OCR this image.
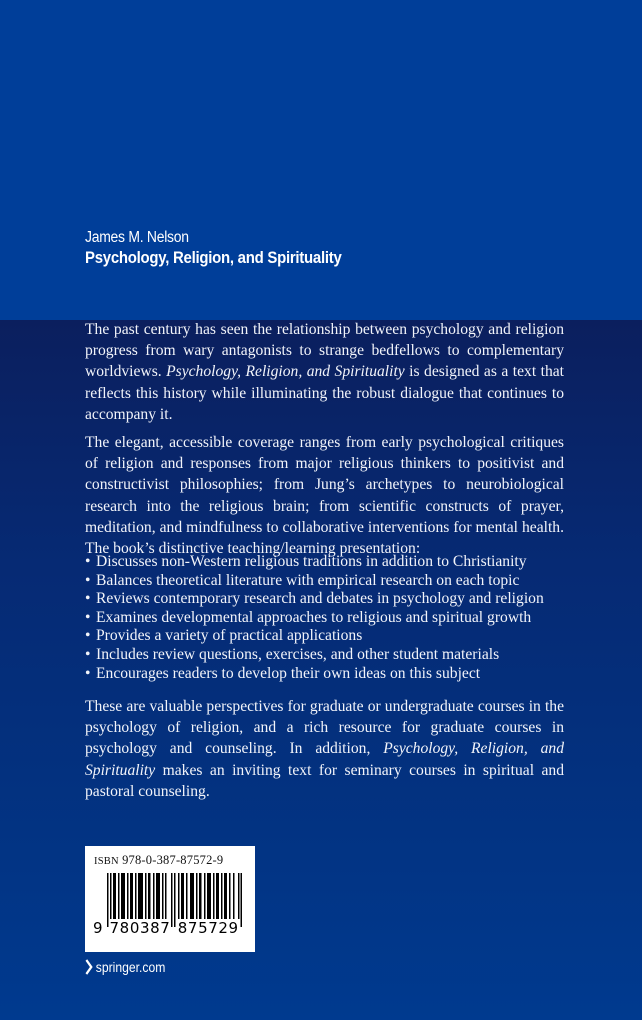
James M. Nelson
Psychology, Religion, and Spirituality

The past century has seen the relationship between psychology and religion progress from wary antagonists to strange bedfellows to complementary worldviews. Psychology, Religion, and Spirituality is designed as a text that reflects this history while illuminating the robust dialogue that continues to accompany it.

The elegant, accessible coverage ranges from early psychological critiques of religion and responses from major religious thinkers to positivist and constructivist philosophies; from Jung’s archetypes to neurobiological research into the religious brain; from scientific constructs of prayer, meditation, and mindfulness to collaborative interventions for mental health. The book’s distinctive teaching/learning presentation:

• Discusses non-Western religious traditions in addition to Christianity
• Balances theoretical literature with empirical research on each topic
• Reviews contemporary research and debates in psychology and religion
• Examines developmental approaches to religious and spiritual growth
• Provides a variety of practical applications
• Includes review questions, exercises, and other student materials
• Encourages readers to develop their own ideas on this subject

These are valuable perspectives for graduate or undergraduate courses in the psychology of religion, and a rich resource for graduate courses in psychology and counseling. In addition, Psychology, Religion, and Spirituality makes an inviting text for seminary courses in spiritual and pastoral counseling.

ISBN 978-0-387-87572-9
9 780387 875729
springer.com
